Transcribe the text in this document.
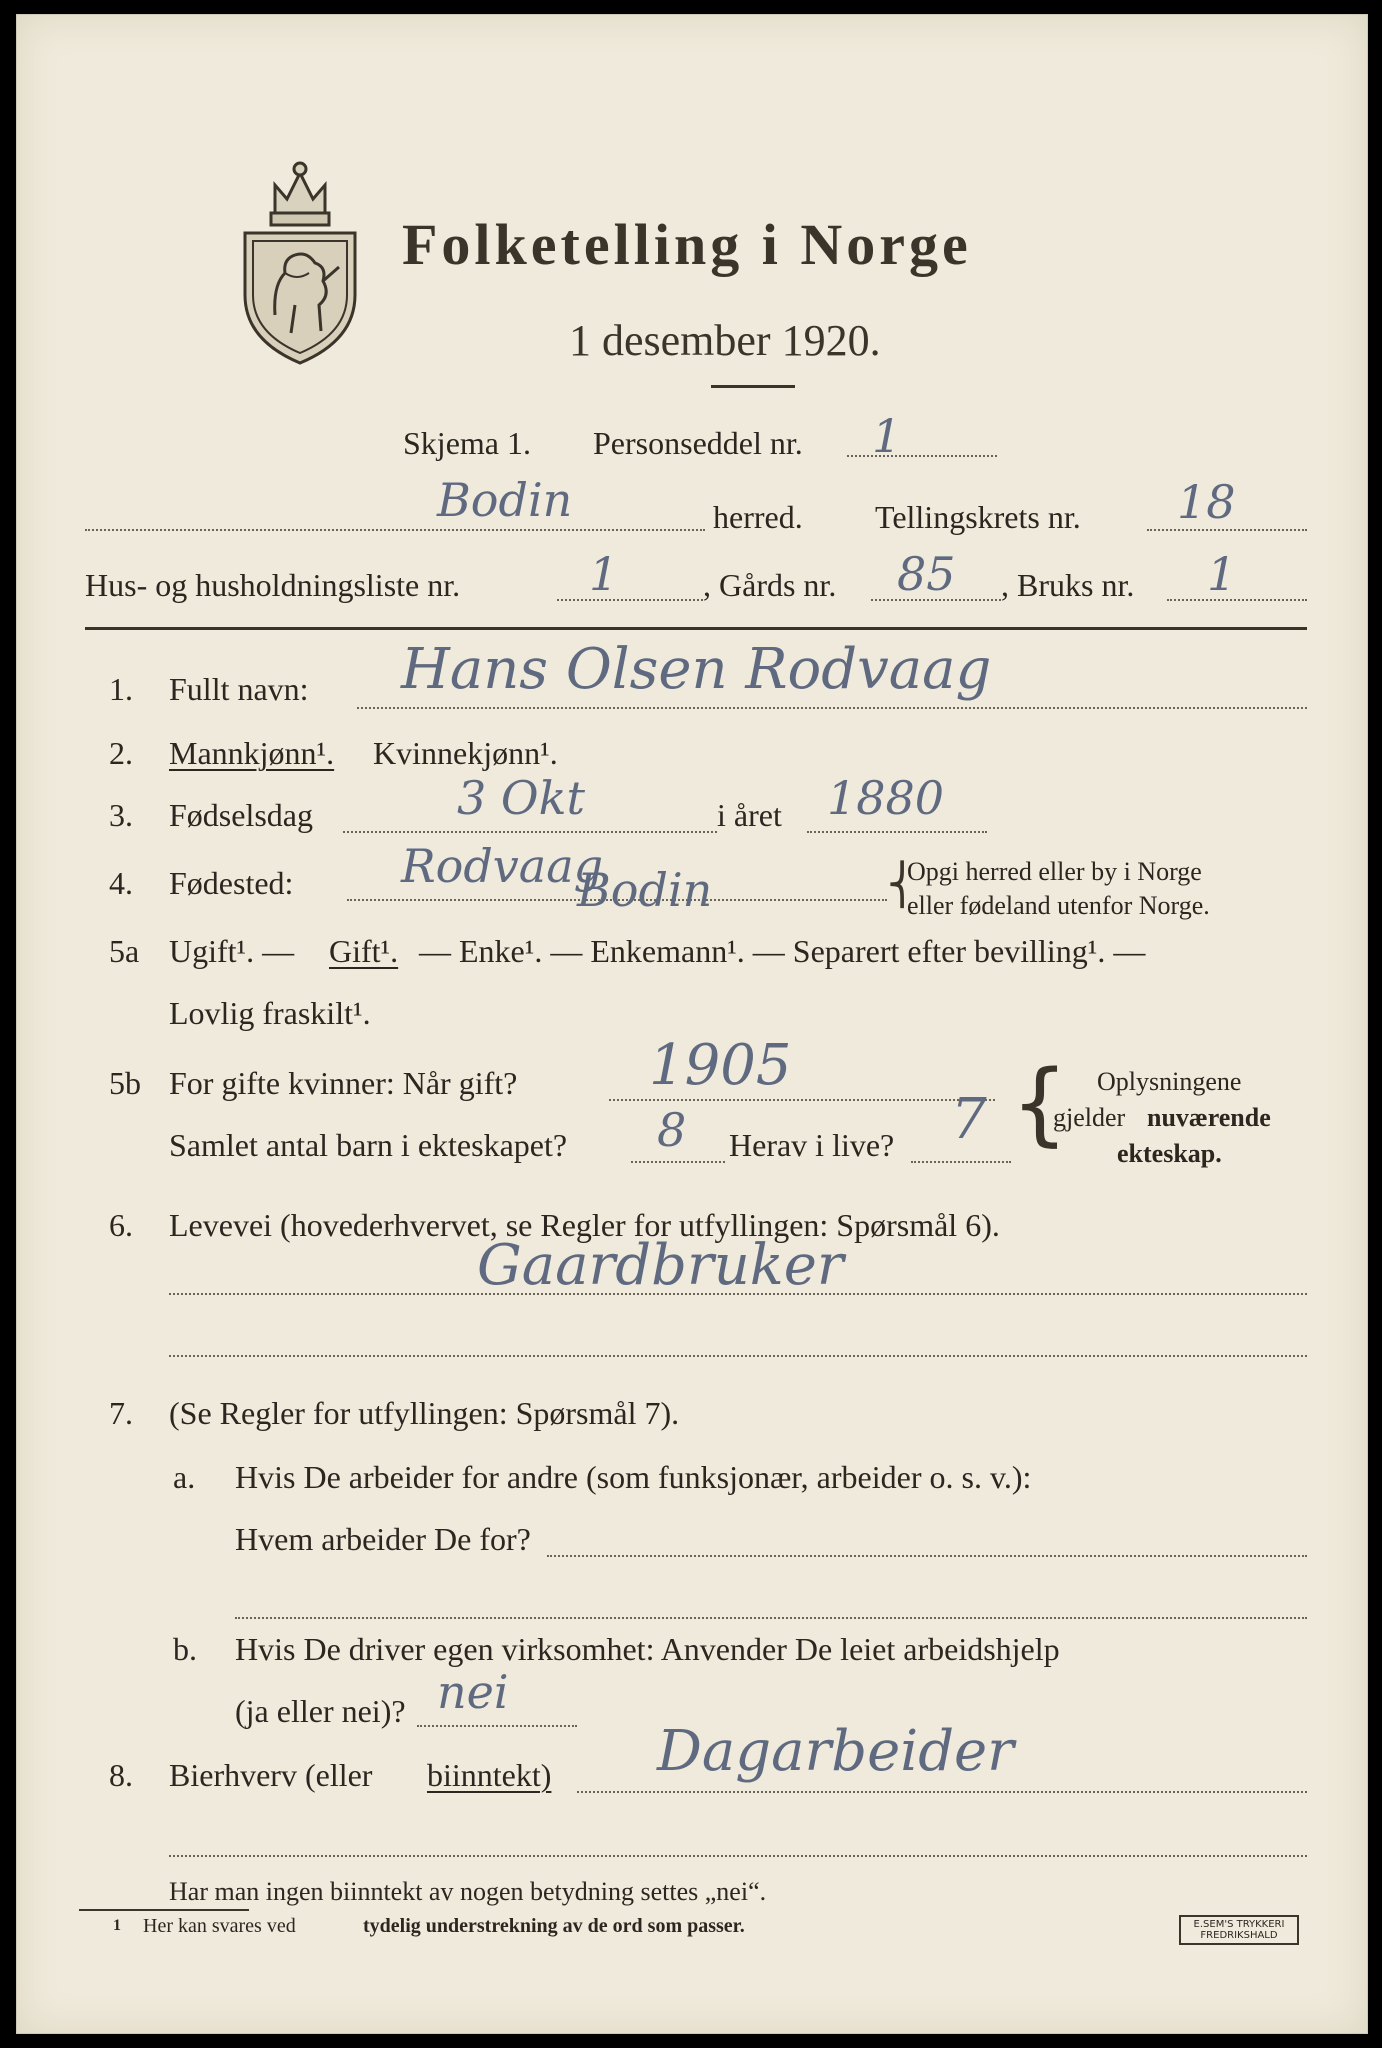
Folketelling i Norge
1 desember 1920.
Skjema 1. Personseddel nr. 1
Bodin	herred. Tellingskrets nr. 18
Hus- og husholdningsliste nr.	1	, Gårds nr. 85 , Bruks nr. 1
1. Fullt navn: Hans Olsen Rodvaag
2. Mannkjønn¹. Kvinnekjønn¹.
3. Fødselsdag	3 Okt	i året 1880
4. Fødested: Rodvaag
Bodin	⎨
Opgi herred eller by i Norge
eller fødeland utenfor Norge.
5a Ugift¹. — Gift¹. — Enke¹. — Enkemann¹. — Separert efter bevilling¹. —
Lovlig fraskilt¹.
5b For gifte kvinner: Når gift? 1905
Samlet antal barn i ekteskapet? 8 Herav i live? 7 { Oplysningene
gjelder nuværende
ekteskap.
6. Levevei (hovederhvervet, se Regler for utfyllingen: Spørsmål 6).
Gaardbruker
7. (Se Regler for utfyllingen: Spørsmål 7).
a. Hvis De arbeider for andre (som funksjonær, arbeider o. s. v.):
Hvem arbeider De for?
b. Hvis De driver egen virksomhet: Anvender De leiet arbeidshjelp
(ja eller nei)? nei
8. Bierhverv (eller biinntekt) Dagarbeider
Har man ingen biinntekt av nogen betydning settes „nei“.
1 Her kan svares ved	tydelig understrekning av de ord som passer.	E.SEM'S TRYKKERI
FREDRIKSHALD
